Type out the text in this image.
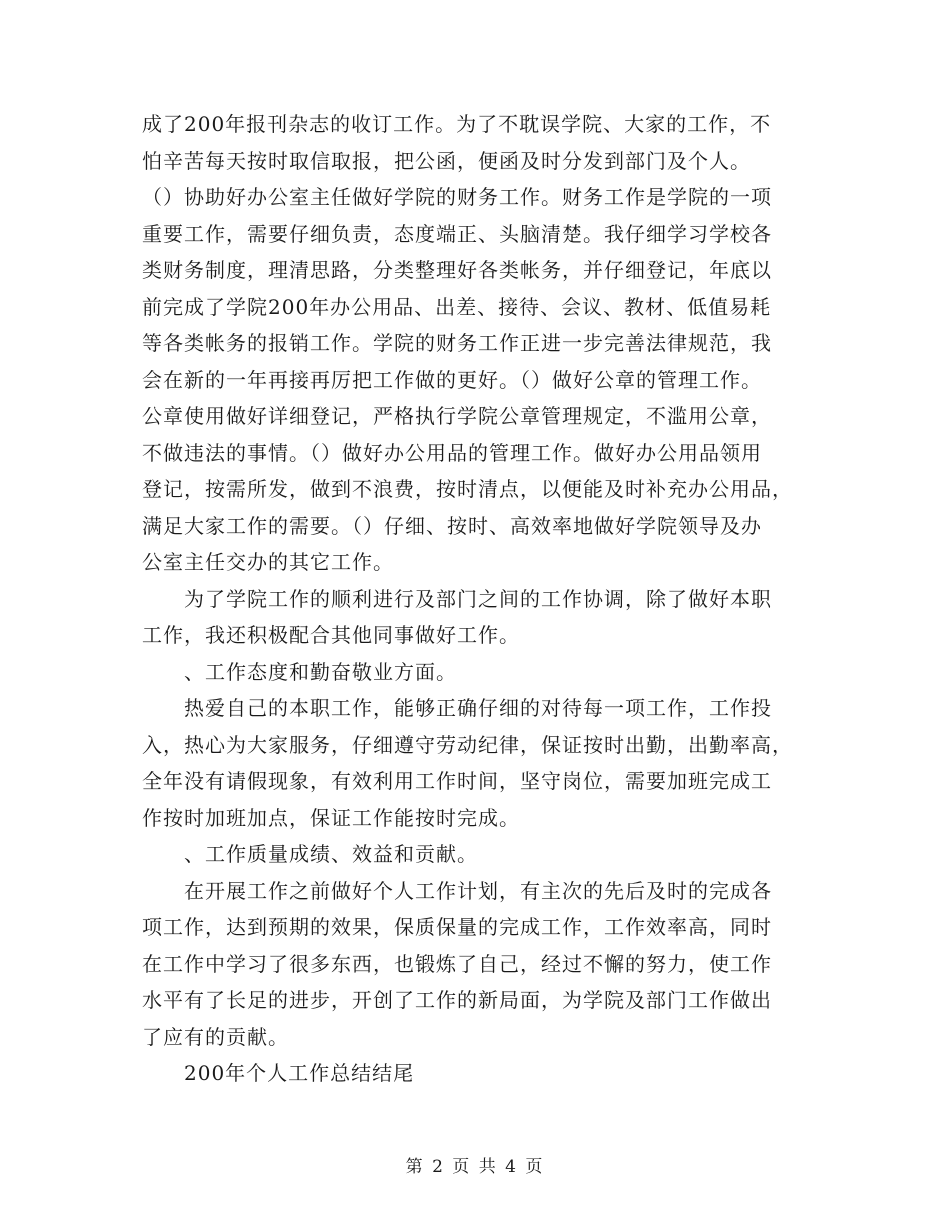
成了200年报刊杂志的收订工作。为了不耽误学院、大家的工作，不
怕辛苦每天按时取信取报，把公函，便函及时分发到部门及个人。
（）协助好办公室主任做好学院的财务工作。财务工作是学院的一项
重要工作，需要仔细负责，态度端正、头脑清楚。我仔细学习学校各
类财务制度，理清思路，分类整理好各类帐务，并仔细登记，年底以
前完成了学院200年办公用品、出差、接待、会议、教材、低值易耗
等各类帐务的报销工作。学院的财务工作正进一步完善法律规范，我
会在新的一年再接再厉把工作做的更好。（）做好公章的管理工作。
公章使用做好详细登记，严格执行学院公章管理规定，不滥用公章，
不做违法的事情。（）做好办公用品的管理工作。做好办公用品领用
登记，按需所发，做到不浪费，按时清点，以便能及时补充办公用品，
满足大家工作的需要。（）仔细、按时、高效率地做好学院领导及办
公室主任交办的其它工作。
　　为了学院工作的顺利进行及部门之间的工作协调，除了做好本职
工作，我还积极配合其他同事做好工作。
　　、工作态度和勤奋敬业方面。
　　热爱自己的本职工作，能够正确仔细的对待每一项工作，工作投
入，热心为大家服务，仔细遵守劳动纪律，保证按时出勤，出勤率高，
全年没有请假现象，有效利用工作时间，坚守岗位，需要加班完成工
作按时加班加点，保证工作能按时完成。
　　、工作质量成绩、效益和贡献。
　　在开展工作之前做好个人工作计划，有主次的先后及时的完成各
项工作，达到预期的效果，保质保量的完成工作，工作效率高，同时
在工作中学习了很多东西，也锻炼了自己，经过不懈的努力，使工作
水平有了长足的进步，开创了工作的新局面，为学院及部门工作做出
了应有的贡献。
　　200年个人工作总结结尾
第 2 页 共 4 页
